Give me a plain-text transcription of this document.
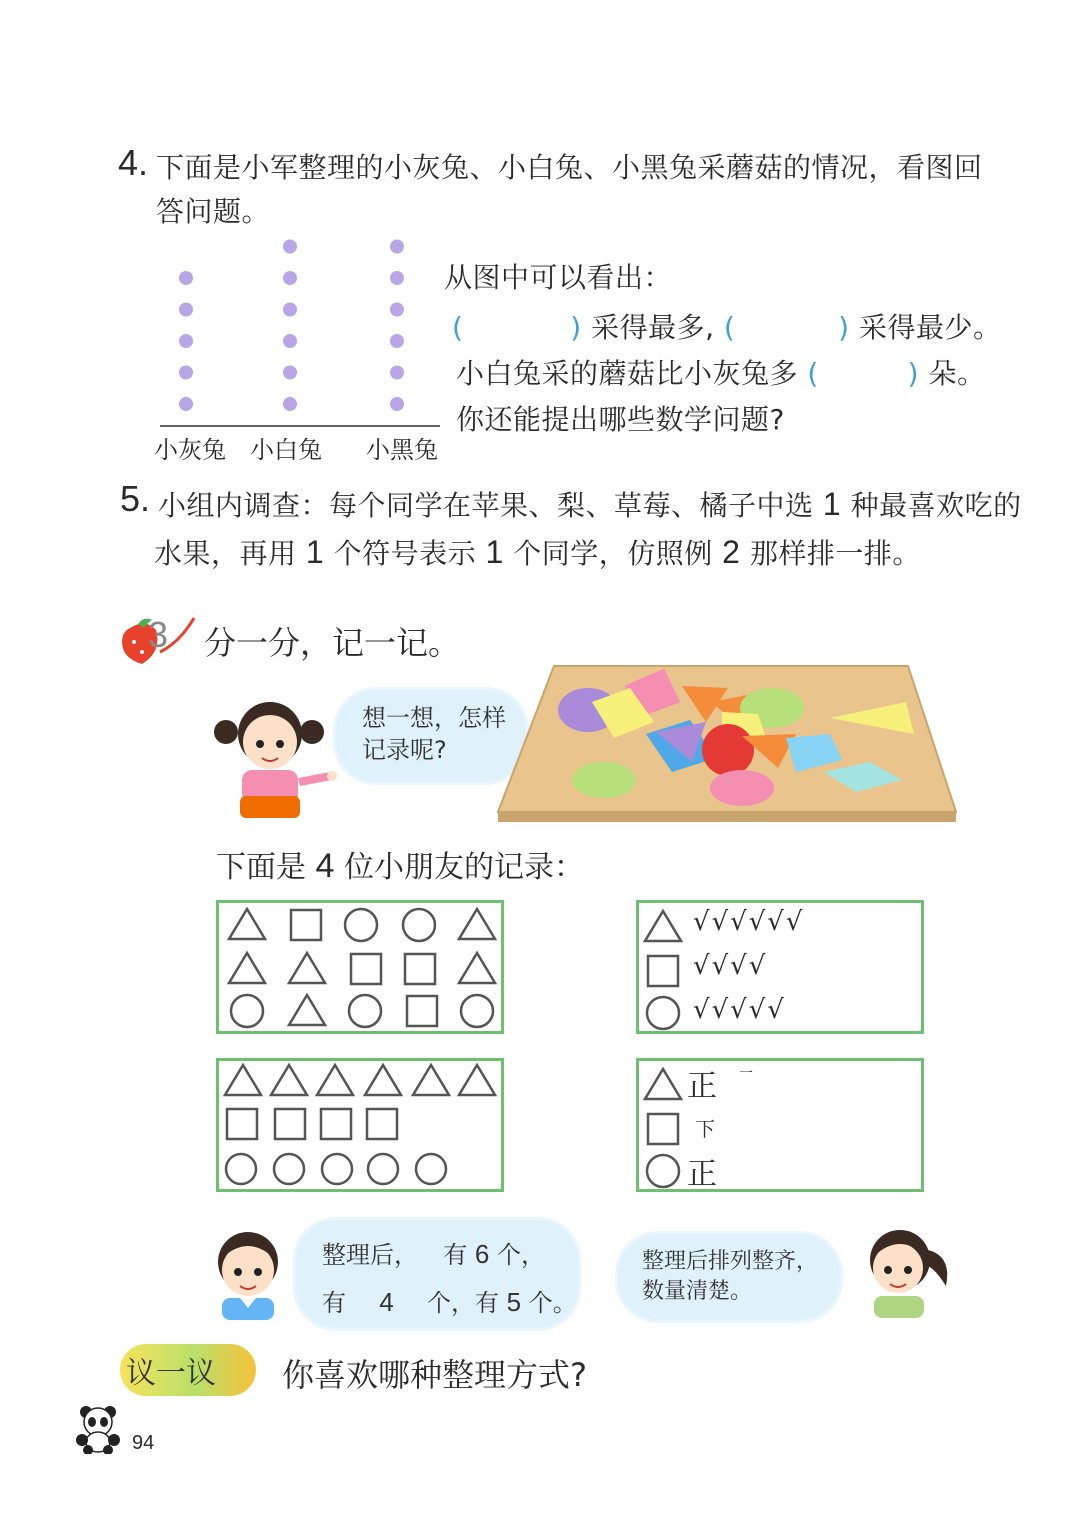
4. 下面是小军整理的小灰兔、小白兔、小黑兔采蘑菇的情况，看图回
答问题。
小灰兔 小白兔 小黑兔
从图中可以看出：
(	) 采得最多, (	) 采得最少。
小白兔采的蘑菇比小灰兔多 (	) 朵。
你还能提出哪些数学问题?
5. 小组内调查：每个同学在苹果、梨、草莓、橘子中选 1 种最喜欢吃的
水果，再用 1 个符号表示 1 个同学，仿照例 2 那样排一排。
3 分一分，记一记。
想一想，怎样
记录呢?
下面是 4 位小朋友的记录：
√√√√√√
√√√√
√√√√√
正 一
下
正
整理后， 有 6 个，
有 4 个，有 5 个。
整理后排列整齐，
数量清楚。
议一议 你喜欢哪种整理方式?
94
